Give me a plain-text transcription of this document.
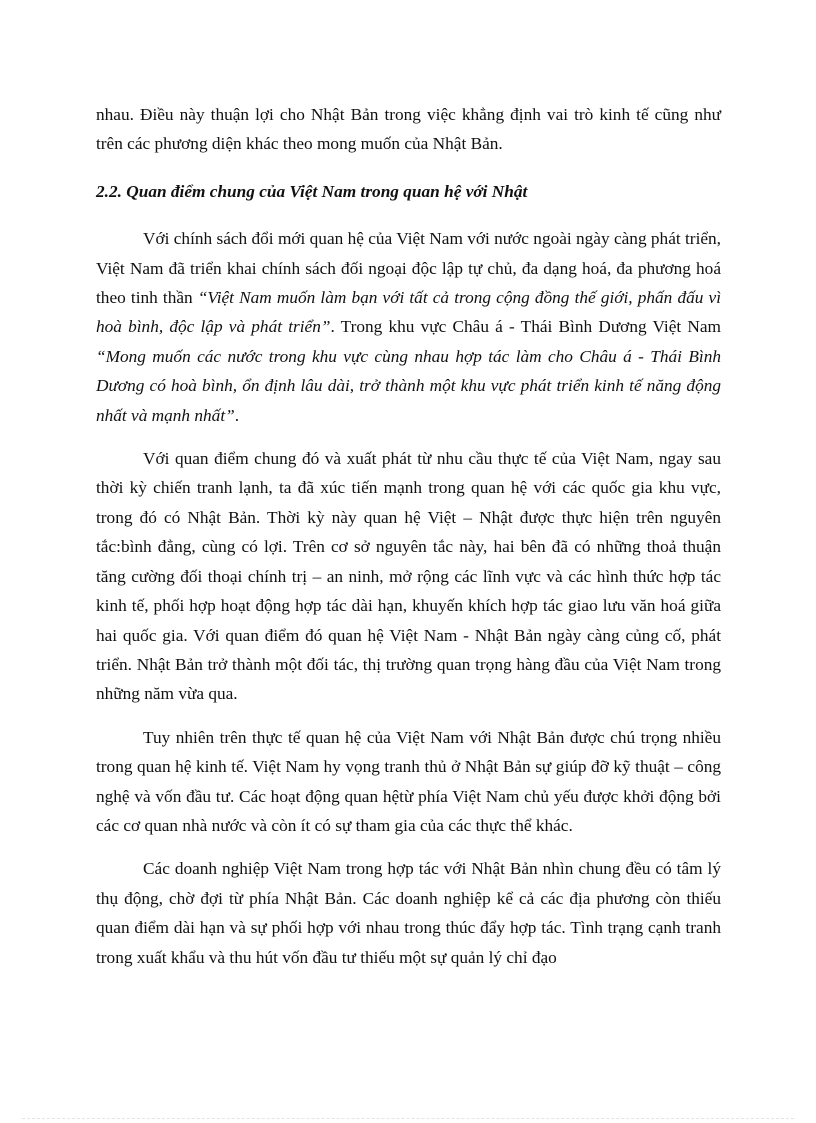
nhau. Điều này thuận lợi cho Nhật Bản trong việc khẳng định vai trò kinh tế cũng như trên các phương diện khác theo mong muốn của Nhật Bản.

2.2. Quan điểm chung của Việt Nam trong quan hệ với Nhật

Với chính sách đổi mới quan hệ của Việt Nam với nước ngoài ngày càng phát triển, Việt Nam đã triển khai chính sách đối ngoại độc lập tự chủ, đa dạng hoá, đa phương hoá theo tinh thần “Việt Nam muốn làm bạn với tất cả trong cộng đồng thế giới, phấn đấu vì hoà bình, độc lập và phát triển”. Trong khu vực Châu á - Thái Bình Dương Việt Nam “Mong muốn các nước trong khu vực cùng nhau hợp tác làm cho Châu á - Thái Bình Dương có hoà bình, ổn định lâu dài, trở thành một khu vực phát triển kinh tế năng động nhất và mạnh nhất”.

Với quan điểm chung đó và xuất phát từ nhu cầu thực tế của Việt Nam, ngay sau thời kỳ chiến tranh lạnh, ta đã xúc tiến mạnh trong quan hệ với các quốc gia khu vực, trong đó có Nhật Bản. Thời kỳ này quan hệ Việt – Nhật được thực hiện trên nguyên tắc:bình đẳng, cùng có lợi. Trên cơ sở nguyên tắc này, hai bên đã có những thoả thuận tăng cường đối thoại chính trị – an ninh, mở rộng các lĩnh vực và các hình thức hợp tác kinh tế, phối hợp hoạt động hợp tác dài hạn, khuyến khích hợp tác giao lưu văn hoá giữa hai quốc gia. Với quan điểm đó quan hệ Việt Nam - Nhật Bản ngày càng củng cố, phát triển. Nhật Bản trở thành một đối tác, thị trường quan trọng hàng đầu của Việt Nam trong những năm vừa qua.

Tuy nhiên trên thực tế quan hệ của Việt Nam với Nhật Bản được chú trọng nhiều trong quan hệ kinh tế. Việt Nam hy vọng tranh thủ ở Nhật Bản sự giúp đỡ kỹ thuật – công nghệ và vốn đầu tư. Các hoạt động quan hệtừ phía Việt Nam chủ yếu được khởi động bởi các cơ quan nhà nước và còn ít có sự tham gia của các thực thể khác.

Các doanh nghiệp Việt Nam trong hợp tác với Nhật Bản nhìn chung đều có tâm lý thụ động, chờ đợi từ phía Nhật Bản. Các doanh nghiệp kể cả các địa phương còn thiếu quan điểm dài hạn và sự phối hợp với nhau trong thúc đẩy hợp tác. Tình trạng cạnh tranh trong xuất khẩu và thu hút vốn đầu tư thiếu một sự quản lý chỉ đạo
